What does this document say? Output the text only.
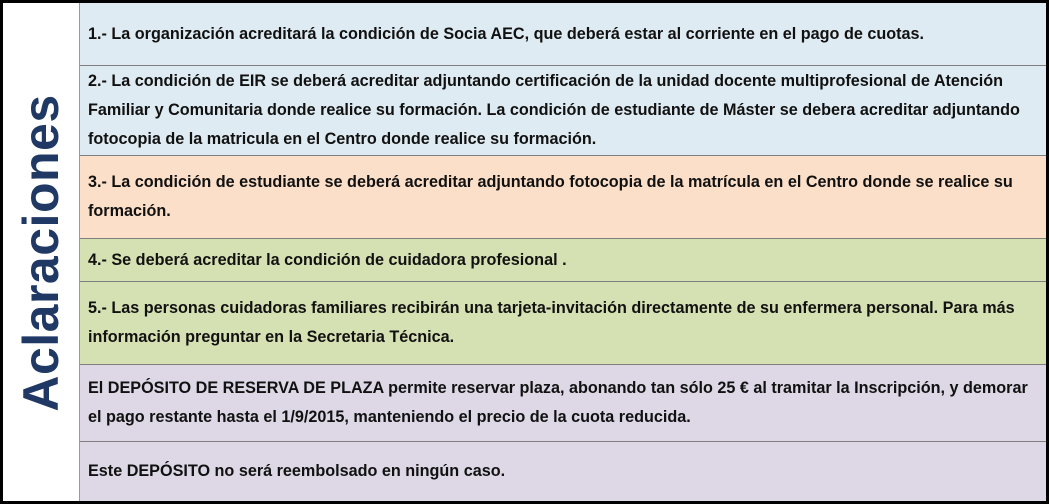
Aclaraciones
1.- La organización acreditará la condición de Socia AEC, que deberá estar al corriente en el pago de cuotas.
2.- La condición de EIR se deberá acreditar adjuntando certificación de la unidad docente multiprofesional de Atención Familiar y Comunitaria donde realice su formación. La condición de estudiante de Máster se debera acreditar adjuntando fotocopia de la matricula en el Centro donde realice su formación.
3.- La condición de estudiante se deberá acreditar adjuntando fotocopia de la matrícula en el Centro donde se realice su formación.
4.- Se deberá acreditar la condición de cuidadora profesional .
5.- Las personas cuidadoras familiares recibirán una tarjeta-invitación directamente de su enfermera personal. Para más información preguntar en la Secretaria Técnica.
El DEPÓSITO DE RESERVA DE PLAZA permite reservar plaza, abonando tan sólo 25 € al tramitar la Inscripción, y demorar el pago restante hasta el 1/9/2015, manteniendo el precio de la cuota reducida.
Este DEPÓSITO no será reembolsado en ningún caso.
